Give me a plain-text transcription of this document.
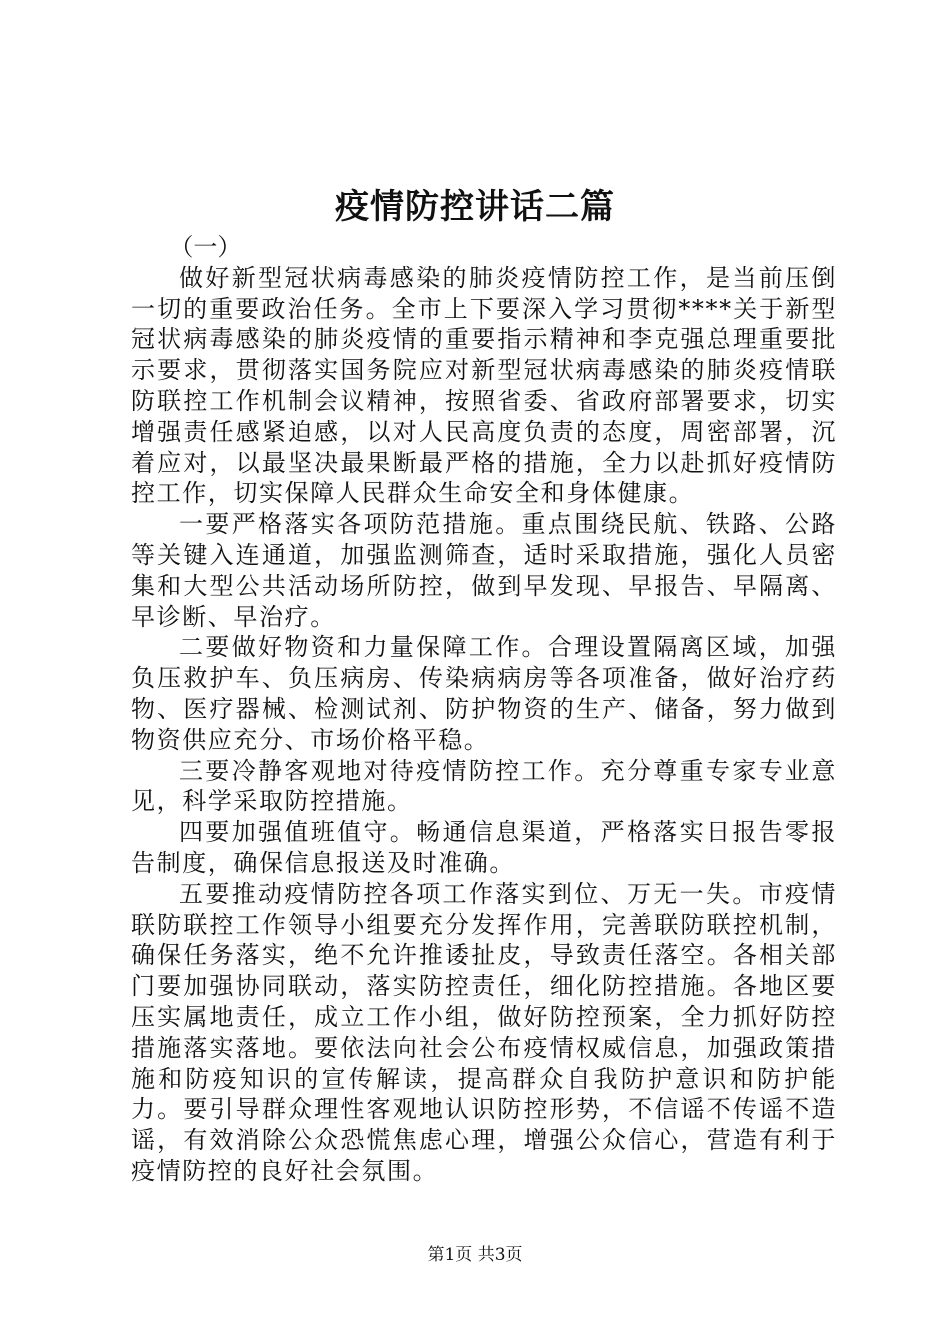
疫情防控讲话二篇

（一）

做好新型冠状病毒感染的肺炎疫情防控工作，是当前压倒一切的重要政治任务。全市上下要深入学习贯彻****关于新型冠状病毒感染的肺炎疫情的重要指示精神和李克强总理重要批示要求，贯彻落实国务院应对新型冠状病毒感染的肺炎疫情联防联控工作机制会议精神，按照省委、省政府部署要求，切实增强责任感紧迫感，以对人民高度负责的态度，周密部署，沉着应对，以最坚决最果断最严格的措施，全力以赴抓好疫情防控工作，切实保障人民群众生命安全和身体健康。

一要严格落实各项防范措施。重点围绕民航、铁路、公路等关键入连通道，加强监测筛查，适时采取措施，强化人员密集和大型公共活动场所防控，做到早发现、早报告、早隔离、早诊断、早治疗。

二要做好物资和力量保障工作。合理设置隔离区域，加强负压救护车、负压病房、传染病病房等各项准备，做好治疗药物、医疗器械、检测试剂、防护物资的生产、储备，努力做到物资供应充分、市场价格平稳。

三要冷静客观地对待疫情防控工作。充分尊重专家专业意见，科学采取防控措施。

四要加强值班值守。畅通信息渠道，严格落实日报告零报告制度，确保信息报送及时准确。

五要推动疫情防控各项工作落实到位、万无一失。市疫情联防联控工作领导小组要充分发挥作用，完善联防联控机制，确保任务落实，绝不允许推诿扯皮，导致责任落空。各相关部门要加强协同联动，落实防控责任，细化防控措施。各地区要压实属地责任，成立工作小组，做好防控预案，全力抓好防控措施落实落地。要依法向社会公布疫情权威信息，加强政策措施和防疫知识的宣传解读，提高群众自我防护意识和防护能力。要引导群众理性客观地认识防控形势，不信谣不传谣不造谣，有效消除公众恐慌焦虑心理，增强公众信心，营造有利于疫情防控的良好社会氛围。

第1页 共3页
